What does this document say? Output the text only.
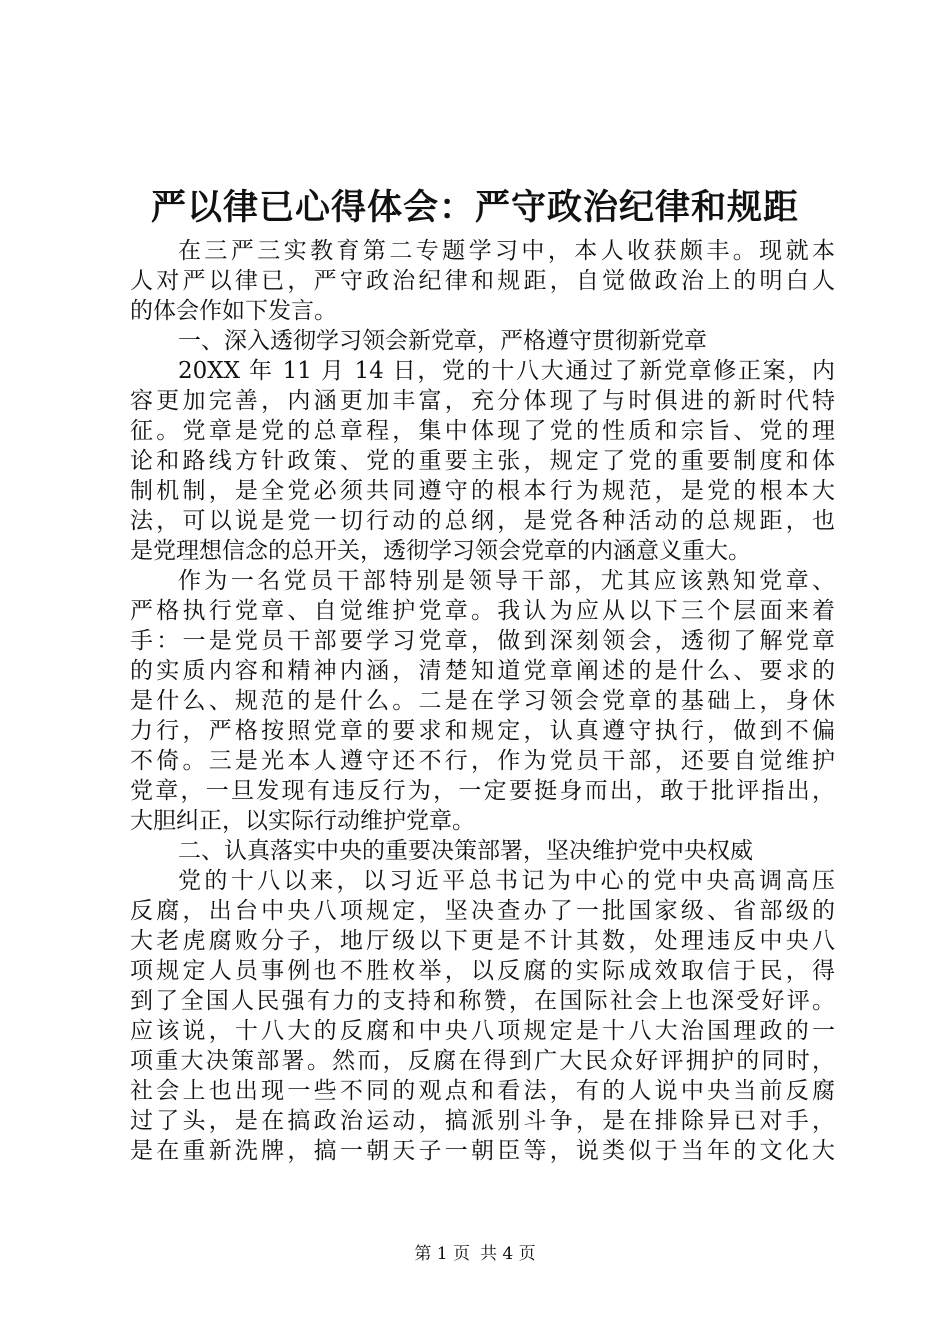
严以律已心得体会：严守政治纪律和规距
在三严三实教育第二专题学习中，本人收获颇丰。现就本
人对严以律已，严守政治纪律和规距，自觉做政治上的明白人
的体会作如下发言。
一、深入透彻学习领会新党章，严格遵守贯彻新党章
20XX 年 11 月 14 日，党的十八大通过了新党章修正案，内
容更加完善，内涵更加丰富，充分体现了与时俱进的新时代特
征。党章是党的总章程，集中体现了党的性质和宗旨、党的理
论和路线方针政策、党的重要主张，规定了党的重要制度和体
制机制，是全党必须共同遵守的根本行为规范，是党的根本大
法，可以说是党一切行动的总纲，是党各种活动的总规距，也
是党理想信念的总开关，透彻学习领会党章的内涵意义重大。
作为一名党员干部特别是领导干部，尤其应该熟知党章、
严格执行党章、自觉维护党章。我认为应从以下三个层面来着
手：一是党员干部要学习党章，做到深刻领会，透彻了解党章
的实质内容和精神内涵，清楚知道党章阐述的是什么、要求的
是什么、规范的是什么。二是在学习领会党章的基础上，身休
力行，严格按照党章的要求和规定，认真遵守执行，做到不偏
不倚。三是光本人遵守还不行，作为党员干部，还要自觉维护
党章，一旦发现有违反行为，一定要挺身而出，敢于批评指出，
大胆纠正，以实际行动维护党章。
二、认真落实中央的重要决策部署，坚决维护党中央权威
党的十八以来，以习近平总书记为中心的党中央高调高压
反腐，出台中央八项规定，坚决查办了一批国家级、省部级的
大老虎腐败分子，地厅级以下更是不计其数，处理违反中央八
项规定人员事例也不胜枚举，以反腐的实际成效取信于民，得
到了全国人民强有力的支持和称赞，在国际社会上也深受好评。
应该说，十八大的反腐和中央八项规定是十八大治国理政的一
项重大决策部署。然而，反腐在得到广大民众好评拥护的同时，
社会上也出现一些不同的观点和看法，有的人说中央当前反腐
过了头，是在搞政治运动，搞派别斗争，是在排除异已对手，
是在重新洗牌，搞一朝天子一朝臣等，说类似于当年的文化大
第 1 页 共 4 页
